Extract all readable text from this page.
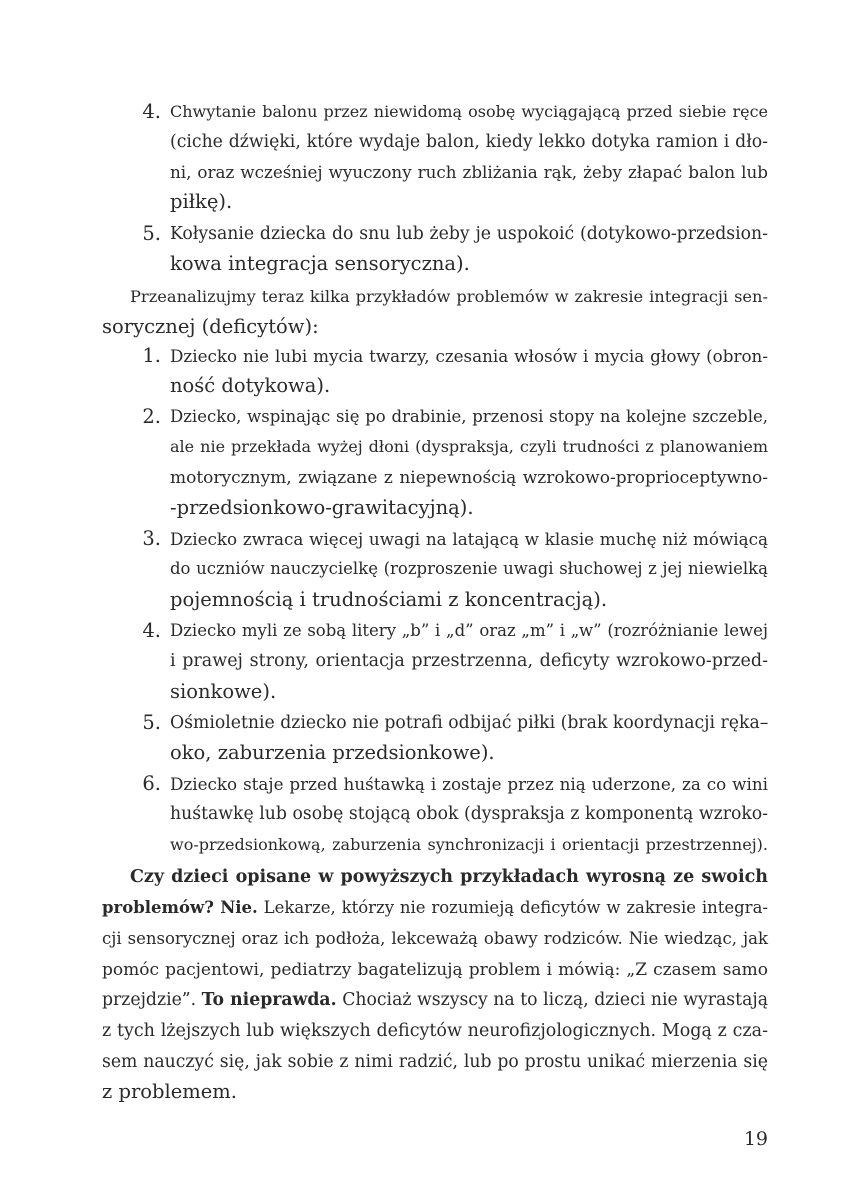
4. Chwytanie balonu przez niewidomą osobę wyciągającą przed siebie ręce
(ciche dźwięki, które wydaje balon, kiedy lekko dotyka ramion i dło-
ni, oraz wcześniej wyuczony ruch zbliżania rąk, żeby złapać balon lub
piłkę).
5. Kołysanie dziecka do snu lub żeby je uspokoić (dotykowo-przedsion-
kowa integracja sensoryczna).
Przeanalizujmy teraz kilka przykładów problemów w zakresie integracji sen-
sorycznej (deficytów):
1. Dziecko nie lubi mycia twarzy, czesania włosów i mycia głowy (obron-
ność dotykowa).
2. Dziecko, wspinając się po drabinie, przenosi stopy na kolejne szczeble,
ale nie przekłada wyżej dłoni (dyspraksja, czyli trudności z planowaniem
motorycznym, związane z niepewnością wzrokowo-proprioceptywno-
-przedsionkowo-grawitacyjną).
3. Dziecko zwraca więcej uwagi na latającą w klasie muchę niż mówiącą
do uczniów nauczycielkę (rozproszenie uwagi słuchowej z jej niewielką
pojemnością i trudnościami z koncentracją).
4. Dziecko myli ze sobą litery „b” i „d” oraz „m” i „w” (rozróżnianie lewej
i prawej strony, orientacja przestrzenna, deficyty wzrokowo-przed-
sionkowe).
5. Ośmioletnie dziecko nie potrafi odbijać piłki (brak koordynacji ręka–
oko, zaburzenia przedsionkowe).
6. Dziecko staje przed huśtawką i zostaje przez nią uderzone, za co wini
huśtawkę lub osobę stojącą obok (dyspraksja z komponentą wzroko-
wo-przedsionkową, zaburzenia synchronizacji i orientacji przestrzennej).
Czy dzieci opisane w powyższych przykładach wyrosną ze swoich
problemów? Nie. Lekarze, którzy nie rozumieją deficytów w zakresie integra-
cji sensorycznej oraz ich podłoża, lekceważą obawy rodziców. Nie wiedząc, jak
pomóc pacjentowi, pediatrzy bagatelizują problem i mówią: „Z czasem samo
przejdzie”. To nieprawda. Chociaż wszyscy na to liczą, dzieci nie wyrastają
z tych lżejszych lub większych deficytów neurofizjologicznych. Mogą z cza-
sem nauczyć się, jak sobie z nimi radzić, lub po prostu unikać mierzenia się
z problemem.
19
